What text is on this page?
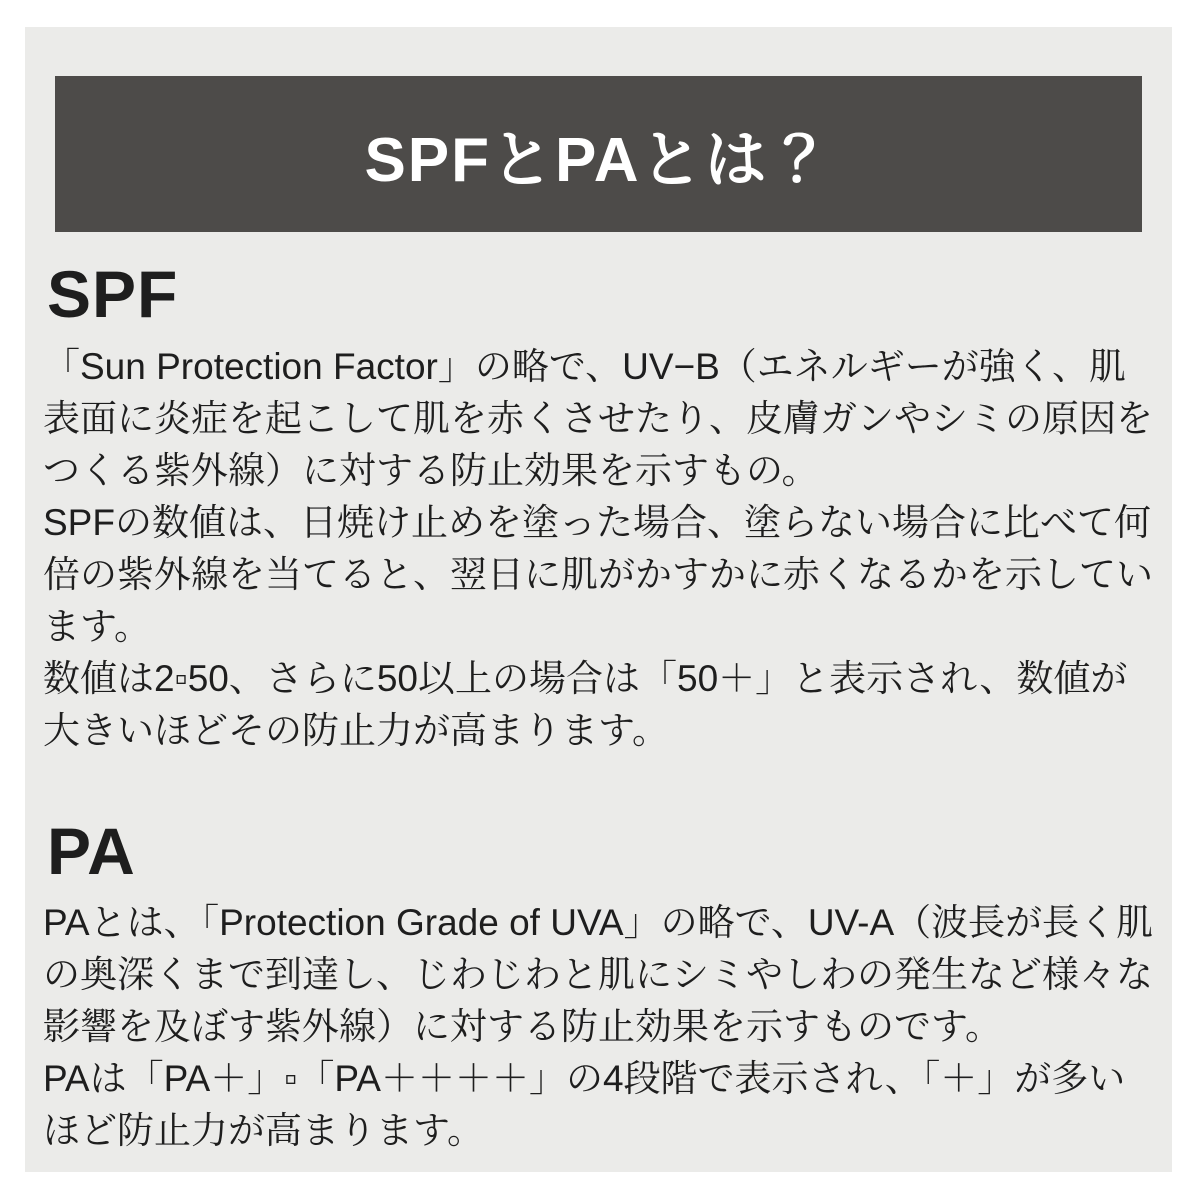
SPFとPAとは？
SPF

「Sun Protection Factor」の略で、UV−B（エネルギーが強く、肌表面に炎症を起こして肌を赤くさせたり、皮膚ガンやシミの原因をつくる紫外線）に対する防止効果を示すもの。
SPFの数値は、日焼け止めを塗った場合、塗らない場合に比べて何倍の紫外線を当てると、翌日に肌がかすかに赤くなるかを示しています。
数値は2▫50、さらに50以上の場合は「50＋」と表示され、数値が大きいほどその防止力が高まります。

PA

PAとは、「Protection Grade of UVA」の略で、UV-A（波長が長く肌の奥深くまで到達し、じわじわと肌にシミやしわの発生など様々な影響を及ぼす紫外線）に対する防止効果を示すものです。
PAは「PA＋」▫「PA＋＋＋＋」の4段階で表示され、「＋」が多いほど防止力が高まります。
